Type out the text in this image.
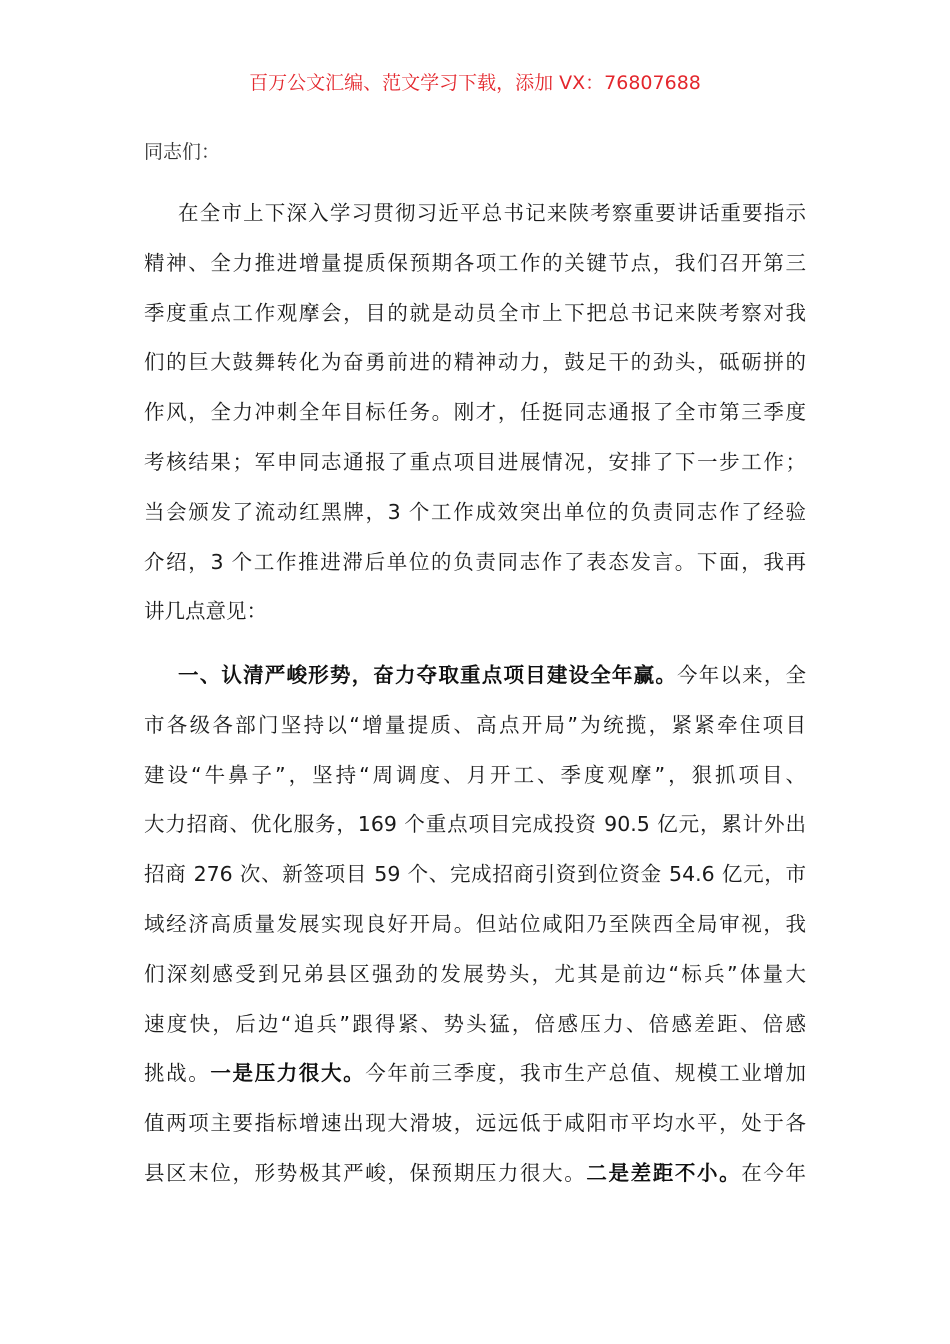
百万公文汇编、范文学习下载，添加 VX：76807688
同志们：
在全市上下深入学习贯彻习近平总书记来陕考察重要讲话重要指示
精神、全力推进增量提质保预期各项工作的关键节点，我们召开第三
季度重点工作观摩会，目的就是动员全市上下把总书记来陕考察对我
们的巨大鼓舞转化为奋勇前进的精神动力，鼓足干的劲头，砥砺拼的
作风，全力冲刺全年目标任务。刚才，任挺同志通报了全市第三季度
考核结果；军申同志通报了重点项目进展情况，安排了下一步工作；
当会颁发了流动红黑牌，3 个工作成效突出单位的负责同志作了经验
介绍，3 个工作推进滞后单位的负责同志作了表态发言。下面，我再
讲几点意见：
一、认清严峻形势，奋力夺取重点项目建设全年赢。今年以来，全
市各级各部门坚持以“增量提质、高点开局”为统揽，紧紧牵住项目
建设“牛鼻子”，坚持“周调度、月开工、季度观摩”，狠抓项目、
大力招商、优化服务，169 个重点项目完成投资 90.5 亿元，累计外出
招商 276 次、新签项目 59 个、完成招商引资到位资金 54.6 亿元，市
域经济高质量发展实现良好开局。但站位咸阳乃至陕西全局审视，我
们深刻感受到兄弟县区强劲的发展势头，尤其是前边“标兵”体量大
速度快，后边“追兵”跟得紧、势头猛，倍感压力、倍感差距、倍感
挑战。一是压力很大。今年前三季度，我市生产总值、规模工业增加
值两项主要指标增速出现大滑坡，远远低于咸阳市平均水平，处于各
县区末位，形势极其严峻，保预期压力很大。二是差距不小。在今年
